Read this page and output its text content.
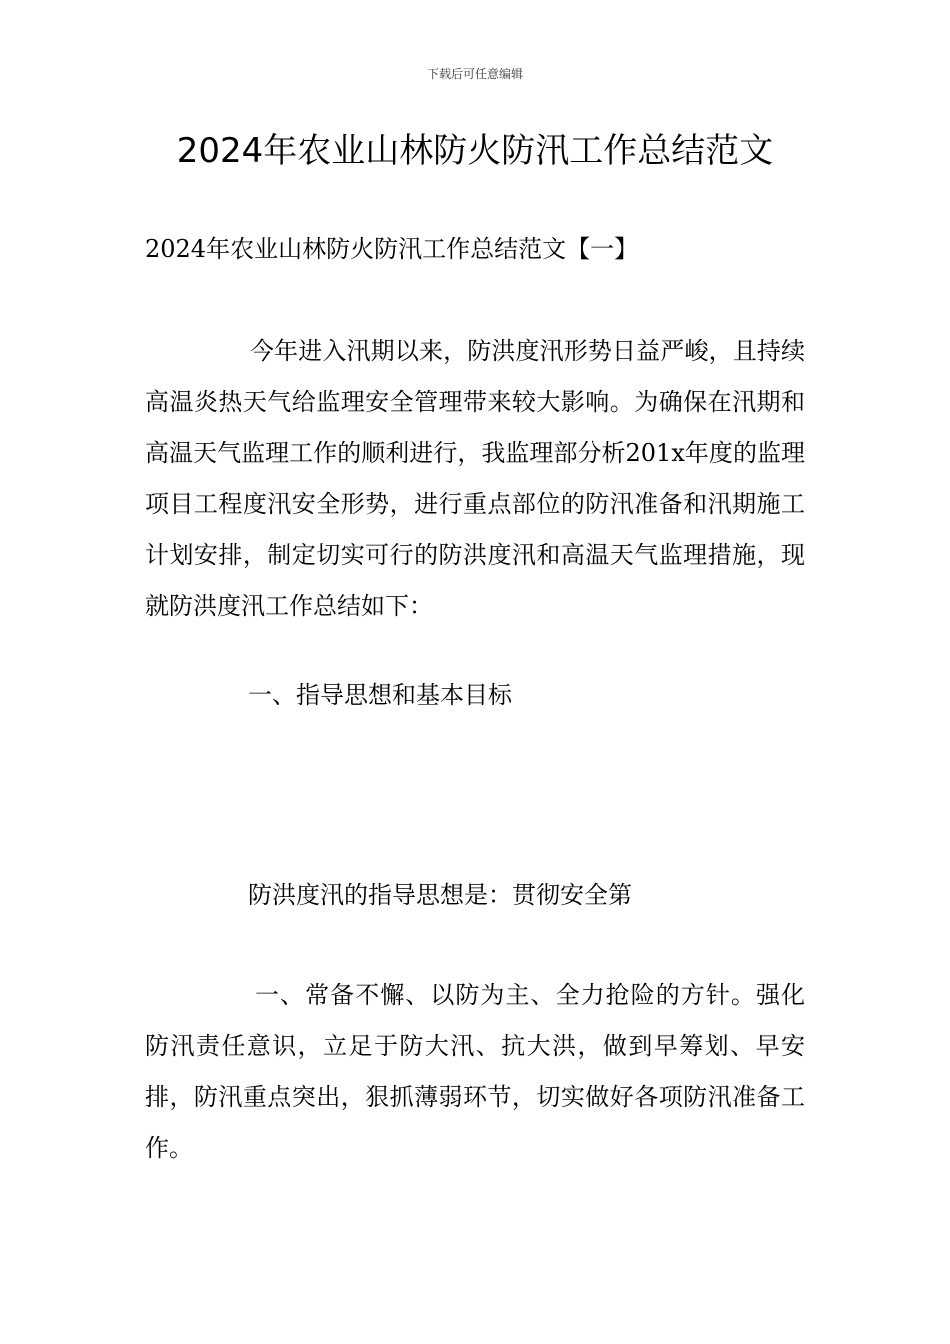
下载后可任意编辑
2024年农业山林防火防汛工作总结范文
2024年农业山林防火防汛工作总结范文【一】

今年进入汛期以来，防洪度汛形势日益严峻，且持续高温炎热天气给监理安全管理带来较大影响。为确保在汛期和高温天气监理工作的顺利进行，我监理部分析201x年度的监理项目工程度汛安全形势，进行重点部位的防汛准备和汛期施工计划安排，制定切实可行的防洪度汛和高温天气监理措施，现就防洪度汛工作总结如下：

一、指导思想和基本目标

防洪度汛的指导思想是：贯彻安全第

一、常备不懈、以防为主、全力抢险的方针。强化防汛责任意识，立足于防大汛、抗大洪，做到早筹划、早安排，防汛重点突出，狠抓薄弱环节，切实做好各项防汛准备工作。
